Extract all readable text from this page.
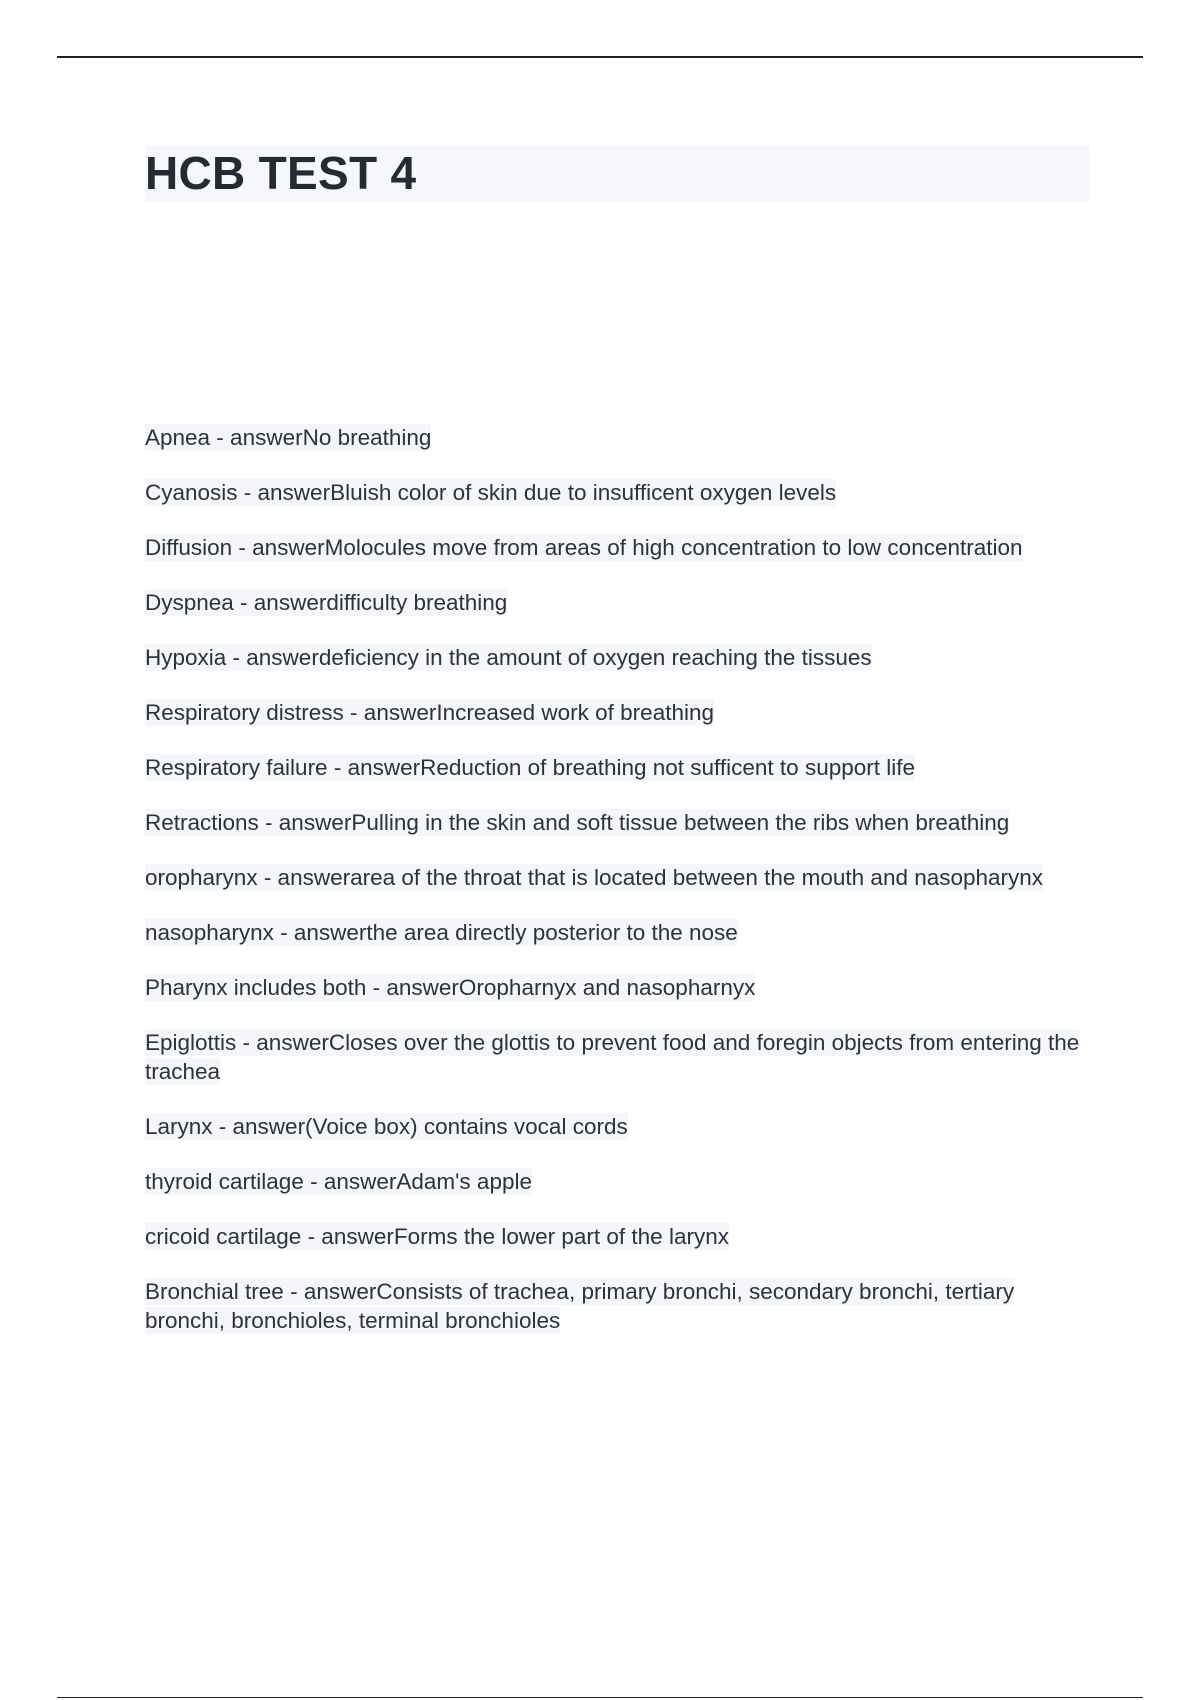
HCB TEST 4

Apnea - answerNo breathing

Cyanosis - answerBluish color of skin due to insufficent oxygen levels

Diffusion - answerMolocules move from areas of high concentration to low concentration

Dyspnea - answerdifficulty breathing

Hypoxia - answerdeficiency in the amount of oxygen reaching the tissues

Respiratory distress - answerIncreased work of breathing

Respiratory failure - answerReduction of breathing not sufficent to support life

Retractions - answerPulling in the skin and soft tissue between the ribs when breathing

oropharynx - answerarea of the throat that is located between the mouth and nasopharynx

nasopharynx - answerthe area directly posterior to the nose

Pharynx includes both - answerOropharnyx and nasopharnyx

Epiglottis - answerCloses over the glottis to prevent food and foregin objects from entering the trachea

Larynx - answer(Voice box) contains vocal cords

thyroid cartilage - answerAdam's apple

cricoid cartilage - answerForms the lower part of the larynx

Bronchial tree - answerConsists of trachea, primary bronchi, secondary bronchi, tertiary bronchi, bronchioles, terminal bronchioles
